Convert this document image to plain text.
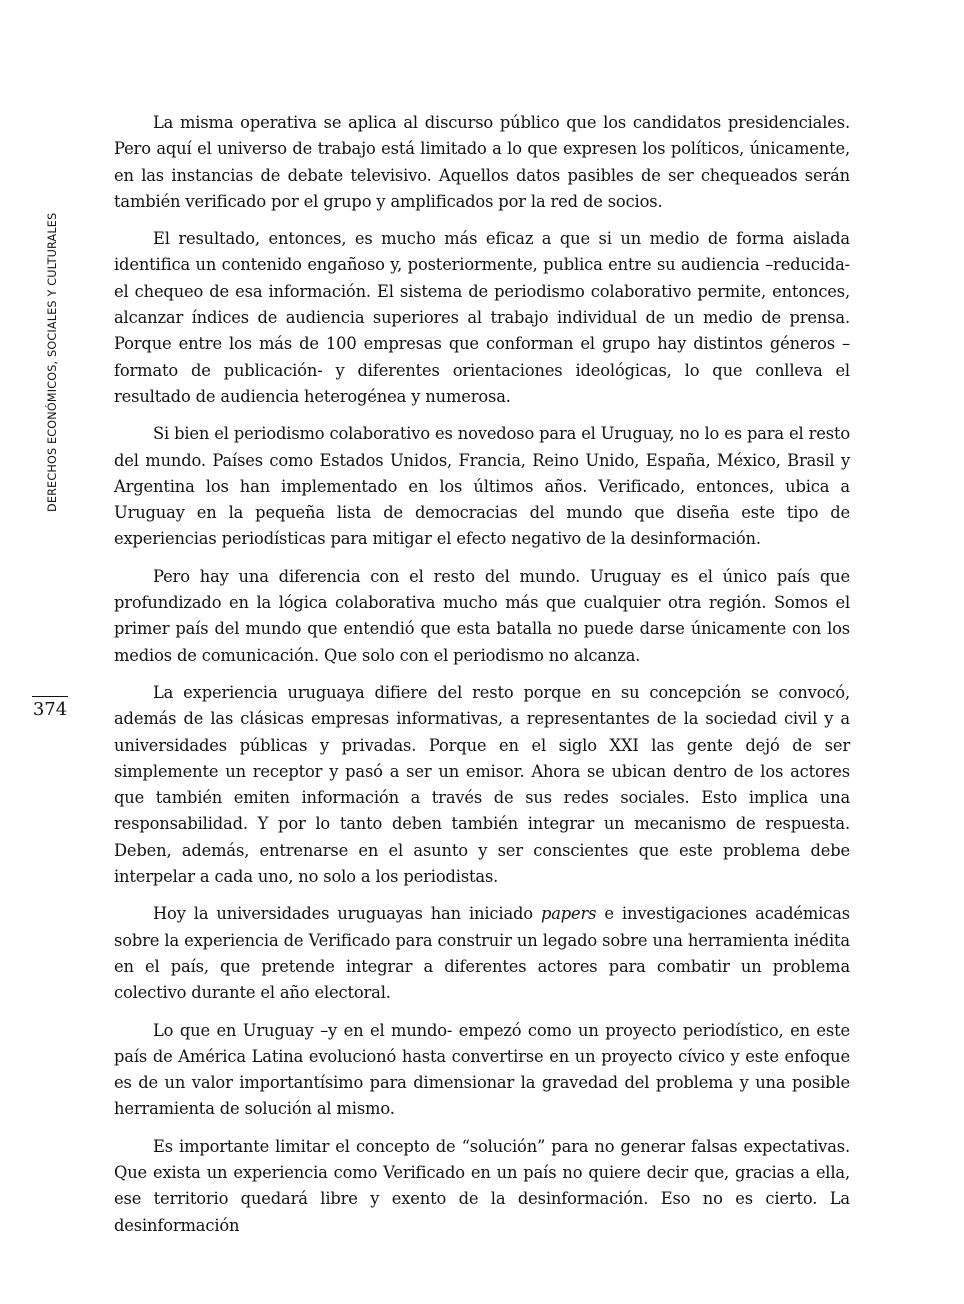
DERECHOS ECONÓMICOS, SOCIALES Y CULTURALES
374

La misma operativa se aplica al discurso público que los candidatos presidenciales. Pero aquí el universo de trabajo está limitado a lo que expresen los políticos, únicamente, en las instancias de debate televisivo. Aquellos datos pasibles de ser chequeados serán también verificado por el grupo y amplificados por la red de socios.

El resultado, entonces, es mucho más eficaz a que si un medio de forma aislada identifica un contenido engañoso y, posteriormente, publica entre su audiencia –reducida- el chequeo de esa información. El sistema de periodismo colaborativo permite, entonces, alcanzar índices de audiencia superiores al trabajo individual de un medio de prensa. Porque entre los más de 100 empresas que conforman el grupo hay distintos géneros –formato de publicación- y diferentes orientaciones ideológicas, lo que conlleva el resultado de audiencia heterogénea y numerosa.

Si bien el periodismo colaborativo es novedoso para el Uruguay, no lo es para el resto del mundo. Países como Estados Unidos, Francia, Reino Unido, España, México, Brasil y Argentina los han implementado en los últimos años. Verificado, entonces, ubica a Uruguay en la pequeña lista de democracias del mundo que diseña este tipo de experiencias periodísticas para mitigar el efecto negativo de la desinformación.

Pero hay una diferencia con el resto del mundo. Uruguay es el único país que profundizado en la lógica colaborativa mucho más que cualquier otra región. Somos el primer país del mundo que entendió que esta batalla no puede darse únicamente con los medios de comunicación. Que solo con el periodismo no alcanza.

La experiencia uruguaya difiere del resto porque en su concepción se convocó, además de las clásicas empresas informativas, a representantes de la sociedad civil y a universidades públicas y privadas. Porque en el siglo XXI las gente dejó de ser simplemente un receptor y pasó a ser un emisor. Ahora se ubican dentro de los actores que también emiten información a través de sus redes sociales. Esto implica una responsabilidad. Y por lo tanto deben también integrar un mecanismo de respuesta. Deben, además, entrenarse en el asunto y ser conscientes que este problema debe interpelar a cada uno, no solo a los periodistas.

Hoy la universidades uruguayas han iniciado papers e investigaciones académicas sobre la experiencia de Verificado para construir un legado sobre una herramienta inédita en el país, que pretende integrar a diferentes actores para combatir un problema colectivo durante el año electoral.

Lo que en Uruguay –y en el mundo- empezó como un proyecto periodístico, en este país de América Latina evolucionó hasta convertirse en un proyecto cívico y este enfoque es de un valor importantísimo para dimensionar la gravedad del problema y una posible herramienta de solución al mismo.

Es importante limitar el concepto de “solución” para no generar falsas expectativas. Que exista un experiencia como Verificado en un país no quiere decir que, gracias a ella, ese territorio quedará libre y exento de la desinformación. Eso no es cierto. La desinformación
